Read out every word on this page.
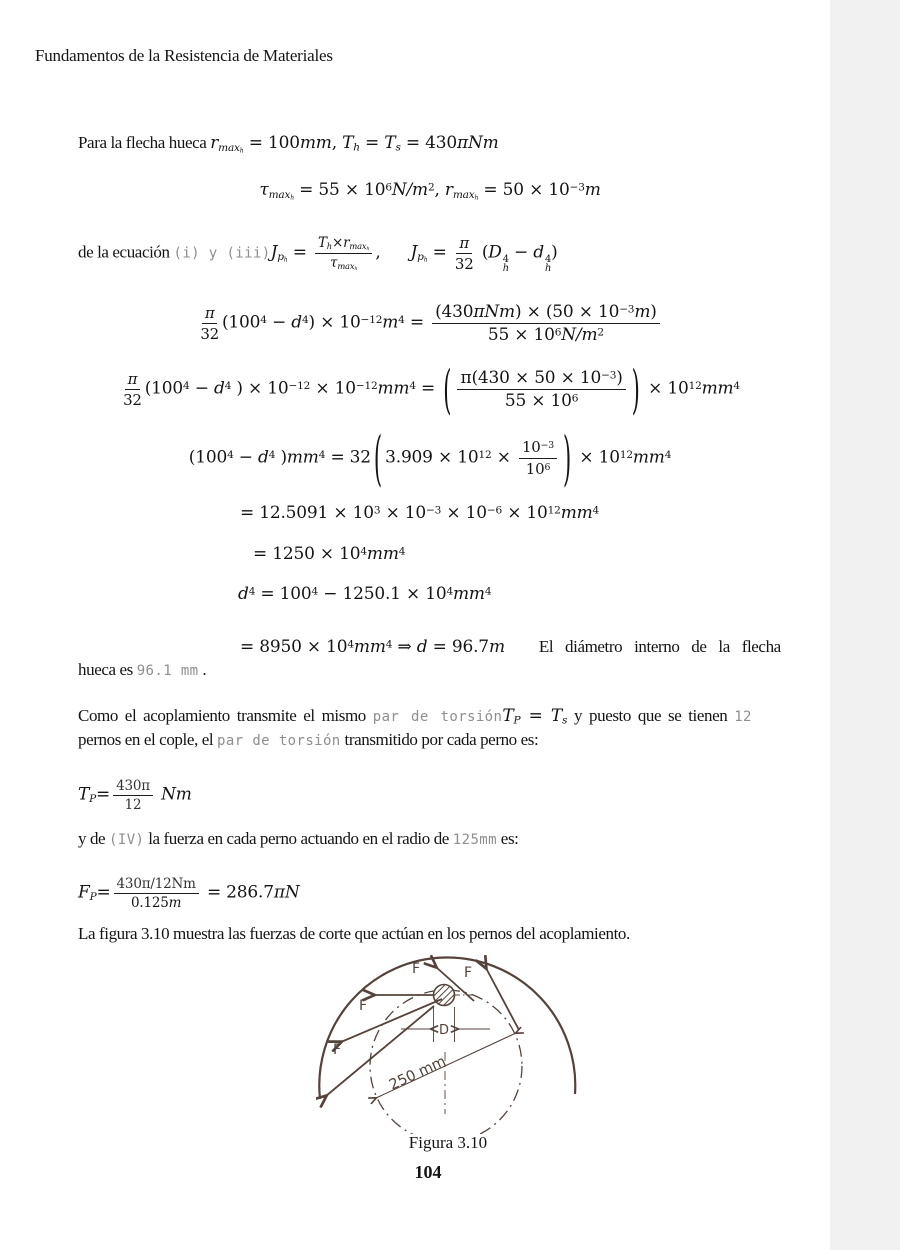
Fundamentos de la Resistencia de Materiales
Para la flecha hueca rmaxh = 100mm, Th = Ts = 430πNm
$\tau\max h = 55 \times 10^6N/m^2$, $rmaxh = 50 \times 10^{-3}m$
de la ecuación (i) y $(iii)Jph = \frac{Th\times rmaxh}{\tau\max h}$ , Jph = $\frac{\pi}{32} (D$ 4
h
− d 4
h
)
$\frac{\pi}{32} (100^4 - d^4) \times 10^{-12}m^4 = \frac{(430\pi Nm) \times (50 \times 10^{-3}m)}{55 \times 10^6N/m^2}$
$\frac{\pi}{32} (100^4 - d^4$ ) × $10^{-12} \times 10^{-12}mm^4$ = ( $\frac{\pi(430 \times 50 \times 10^{-3})}{55 \times 10^6}$ ) × $10^{12}mm^4$
($100^4 - d^4$ )$mm^4 = 32$ ( $3.909 \times 10^{12} \times \frac{10^{-3}}{10^6}$ ) × $10^{12}mm^4$
= $12.5091 \times 10^3 \times 10^{-3} \times 10^{-6} \times 10^{12}mm^4$
= $1250 \times 10^4mm^4$
$d^4 = 100^4 - 1250.1 \times 10^4mm^4$
= $8950 \times 10^4mm^4$ ⇒ d = 96.7m El diámetro interno de la flecha
hueca es 96.1 mm .
Como el acoplamiento transmite el mismo par de torsiónTP = Ts y puesto que se tienen 12
pernos en el cople, el par de torsión transmitido por cada perno es:
$TP= \frac{430\pi}{12}$ Nm
y de (IV) la fuerza en cada perno actuando en el radio de 125mm es:
$FP= \frac{430\pi/12Nm}{0.125m} = 286.7\pi N$
La figura 3.10 muestra las fuerzas de corte que actúan en los pernos del acoplamiento.
F	F
F
F
D
250 mm
Figura 3.10
104
